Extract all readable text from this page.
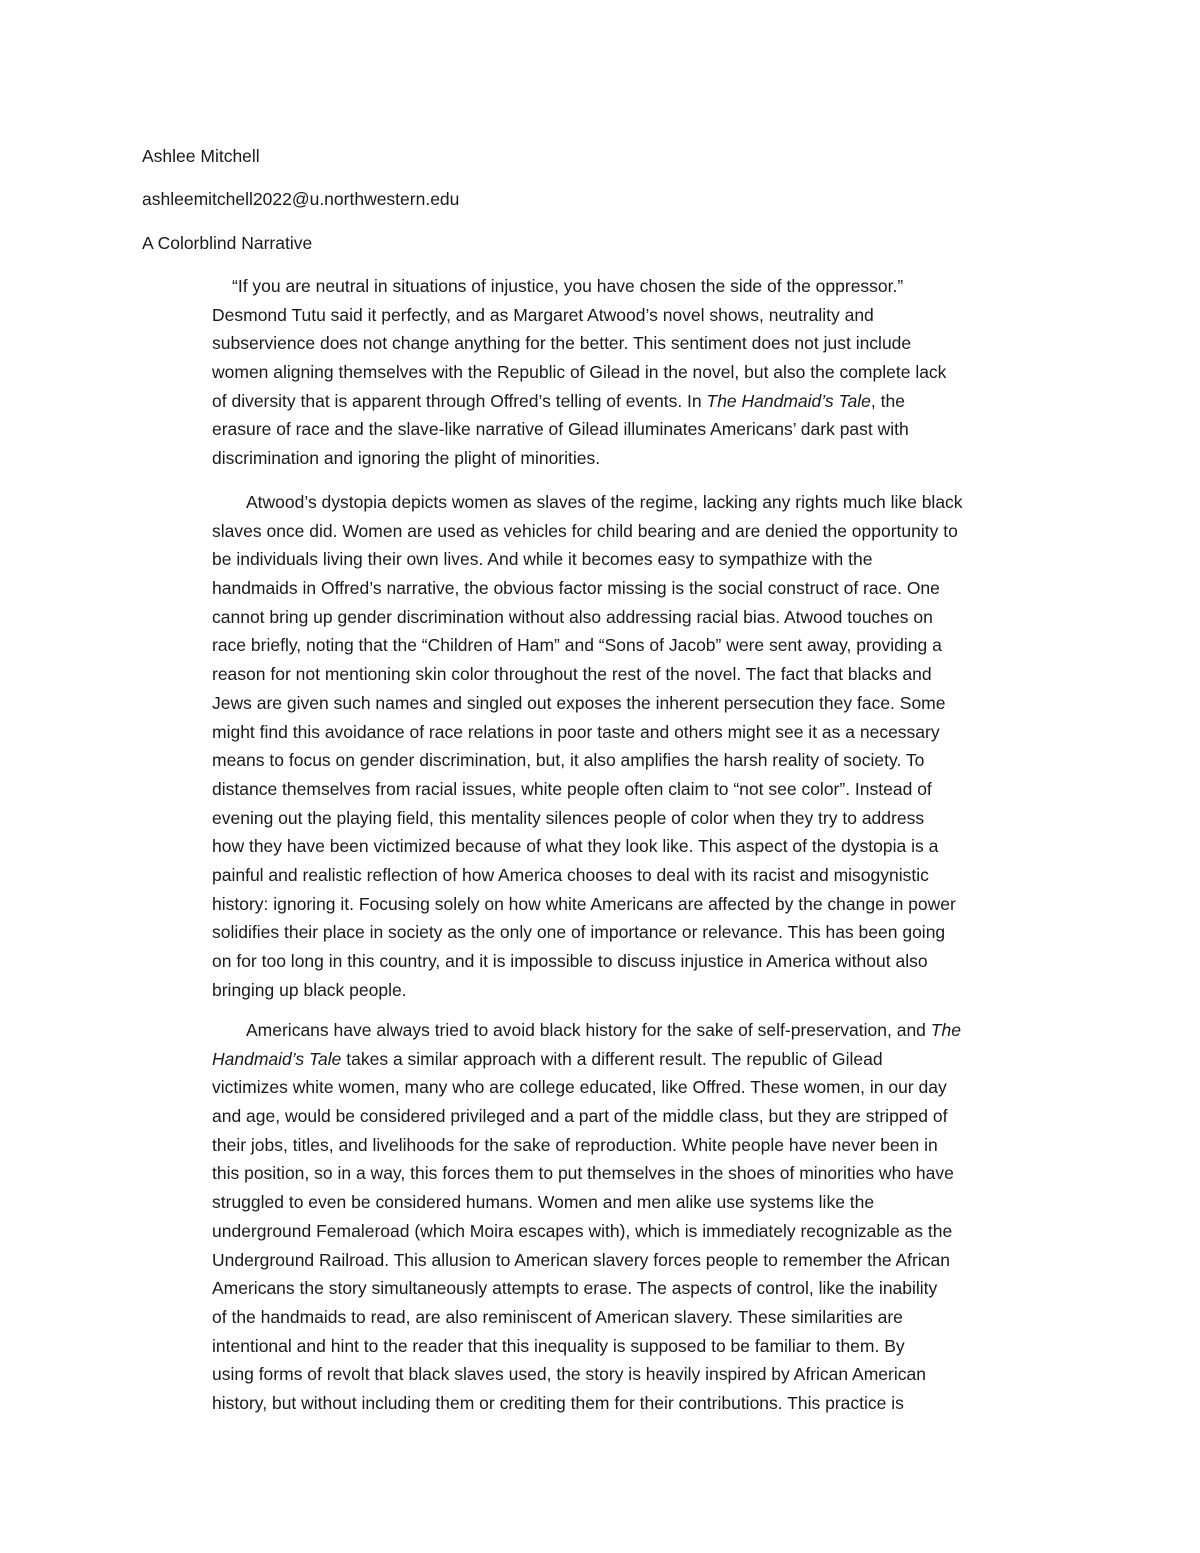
Ashlee Mitchell
ashleemitchell2022@u.northwestern.edu
A Colorblind Narrative
“If you are neutral in situations of injustice, you have chosen the side of the oppressor.”
Desmond Tutu said it perfectly, and as Margaret Atwood’s novel shows, neutrality and
subservience does not change anything for the better. This sentiment does not just include
women aligning themselves with the Republic of Gilead in the novel, but also the complete lack
of diversity that is apparent through Offred’s telling of events. In The Handmaid’s Tale, the
erasure of race and the slave-like narrative of Gilead illuminates Americans’ dark past with
discrimination and ignoring the plight of minorities.
Atwood’s dystopia depicts women as slaves of the regime, lacking any rights much like black
slaves once did. Women are used as vehicles for child bearing and are denied the opportunity to
be individuals living their own lives. And while it becomes easy to sympathize with the
handmaids in Offred’s narrative, the obvious factor missing is the social construct of race. One
cannot bring up gender discrimination without also addressing racial bias. Atwood touches on
race briefly, noting that the “Children of Ham” and “Sons of Jacob” were sent away, providing a
reason for not mentioning skin color throughout the rest of the novel. The fact that blacks and
Jews are given such names and singled out exposes the inherent persecution they face. Some
might find this avoidance of race relations in poor taste and others might see it as a necessary
means to focus on gender discrimination, but, it also amplifies the harsh reality of society. To
distance themselves from racial issues, white people often claim to “not see color”. Instead of
evening out the playing field, this mentality silences people of color when they try to address
how they have been victimized because of what they look like. This aspect of the dystopia is a
painful and realistic reflection of how America chooses to deal with its racist and misogynistic
history: ignoring it. Focusing solely on how white Americans are affected by the change in power
solidifies their place in society as the only one of importance or relevance. This has been going
on for too long in this country, and it is impossible to discuss injustice in America without also
bringing up black people.
Americans have always tried to avoid black history for the sake of self-preservation, and The
Handmaid’s Tale takes a similar approach with a different result. The republic of Gilead
victimizes white women, many who are college educated, like Offred. These women, in our day
and age, would be considered privileged and a part of the middle class, but they are stripped of
their jobs, titles, and livelihoods for the sake of reproduction. White people have never been in
this position, so in a way, this forces them to put themselves in the shoes of minorities who have
struggled to even be considered humans. Women and men alike use systems like the
underground Femaleroad (which Moira escapes with), which is immediately recognizable as the
Underground Railroad. This allusion to American slavery forces people to remember the African
Americans the story simultaneously attempts to erase. The aspects of control, like the inability
of the handmaids to read, are also reminiscent of American slavery. These similarities are
intentional and hint to the reader that this inequality is supposed to be familiar to them. By
using forms of revolt that black slaves used, the story is heavily inspired by African American
history, but without including them or crediting them for their contributions. This practice is
